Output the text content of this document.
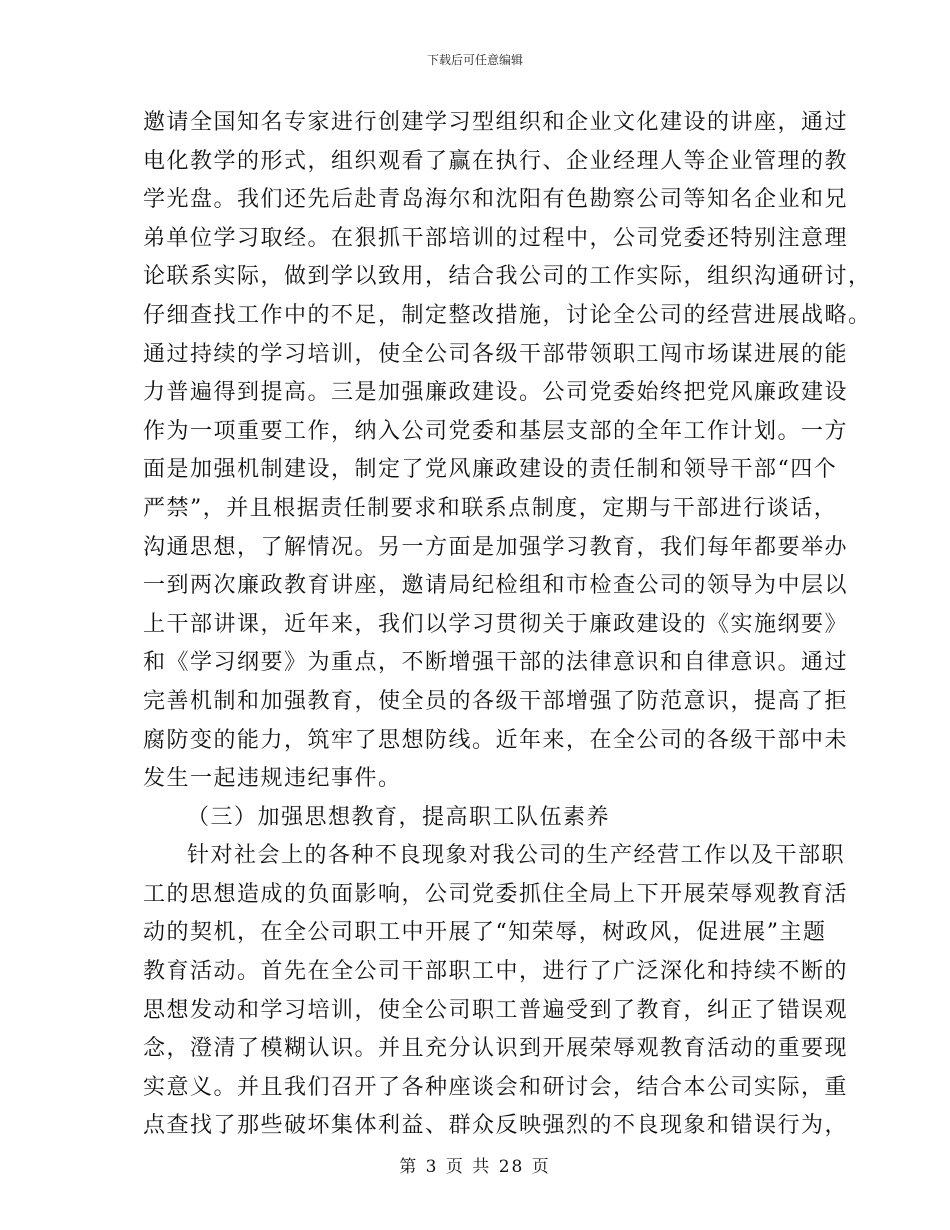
下载后可任意编辑
邀请全国知名专家进行创建学习型组织和企业文化建设的讲座，通过
电化教学的形式，组织观看了赢在执行、企业经理人等企业管理的教
学光盘。我们还先后赴青岛海尔和沈阳有色勘察公司等知名企业和兄
弟单位学习取经。在狠抓干部培训的过程中，公司党委还特别注意理
论联系实际，做到学以致用，结合我公司的工作实际，组织沟通研讨，
仔细查找工作中的不足，制定整改措施，讨论全公司的经营进展战略。
通过持续的学习培训，使全公司各级干部带领职工闯市场谋进展的能
力普遍得到提高。三是加强廉政建设。公司党委始终把党风廉政建设
作为一项重要工作，纳入公司党委和基层支部的全年工作计划。一方
面是加强机制建设，制定了党风廉政建设的责任制和领导干部“四个
严禁”，并且根据责任制要求和联系点制度，定期与干部进行谈话，
沟通思想，了解情况。另一方面是加强学习教育，我们每年都要举办
一到两次廉政教育讲座，邀请局纪检组和市检查公司的领导为中层以
上干部讲课，近年来，我们以学习贯彻关于廉政建设的《实施纲要》
和《学习纲要》为重点，不断增强干部的法律意识和自律意识。通过
完善机制和加强教育，使全员的各级干部增强了防范意识，提高了拒
腐防变的能力，筑牢了思想防线。近年来，在全公司的各级干部中未
发生一起违规违纪事件。
（三）加强思想教育，提高职工队伍素养
针对社会上的各种不良现象对我公司的生产经营工作以及干部职
工的思想造成的负面影响，公司党委抓住全局上下开展荣辱观教育活
动的契机，在全公司职工中开展了“知荣辱，树政风，促进展”主题
教育活动。首先在全公司干部职工中，进行了广泛深化和持续不断的
思想发动和学习培训，使全公司职工普遍受到了教育，纠正了错误观
念，澄清了模糊认识。并且充分认识到开展荣辱观教育活动的重要现
实意义。并且我们召开了各种座谈会和研讨会，结合本公司实际，重
点查找了那些破坏集体利益、群众反映强烈的不良现象和错误行为，
第 3 页 共 28 页
